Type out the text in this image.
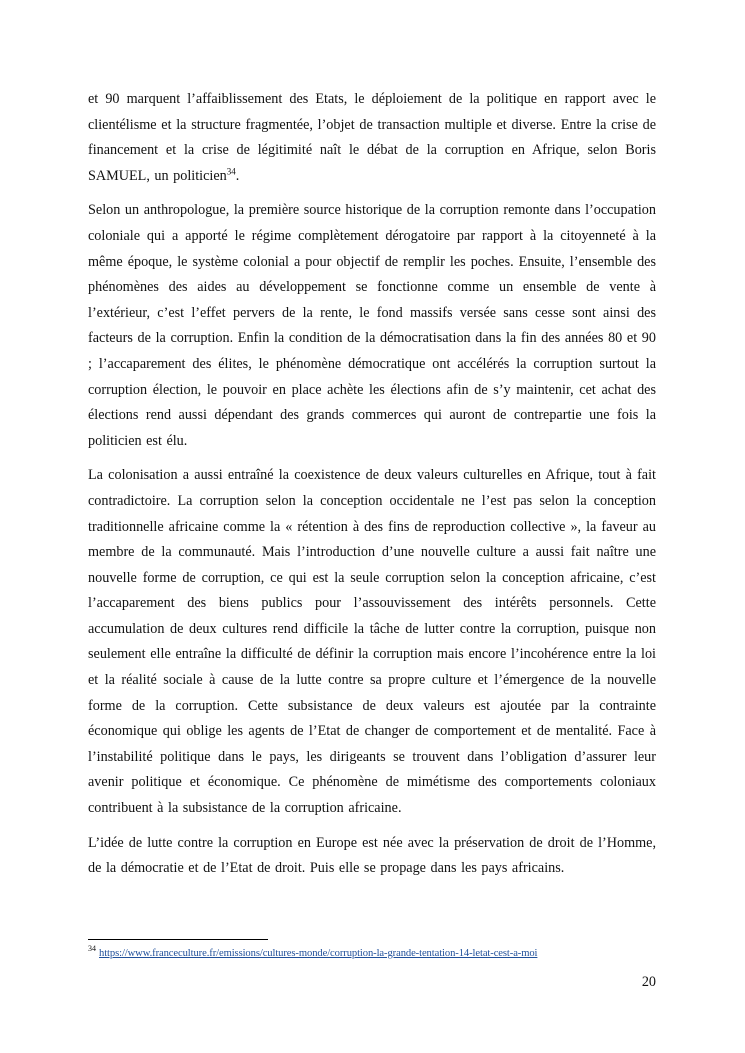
et 90 marquent l’affaiblissement des Etats, le déploiement de la politique en rapport avec le clientélisme et la structure fragmentée, l’objet de transaction multiple et diverse. Entre la crise de financement et la crise de légitimité naît le débat de la corruption en Afrique, selon Boris SAMUEL, un politicien$^{34}$.

Selon un anthropologue, la première source historique de la corruption remonte dans l’occupation coloniale qui a apporté le régime complètement dérogatoire par rapport à la citoyenneté à la même époque, le système colonial a pour objectif de remplir les poches. Ensuite, l’ensemble des phénomènes des aides au développement se fonctionne comme un ensemble de vente à l’extérieur, c’est l’effet pervers de la rente, le fond massifs versée sans cesse sont ainsi des facteurs de la corruption. Enfin la condition de la démocratisation dans la fin des années 80 et 90 ; l’accaparement des élites, le phénomène démocratique ont accélérés la corruption surtout la corruption élection, le pouvoir en place achète les élections afin de s’y maintenir, cet achat des élections rend aussi dépendant des grands commerces qui auront de contrepartie une fois la politicien est élu.

La colonisation a aussi entraîné la coexistence de deux valeurs culturelles en Afrique, tout à fait contradictoire. La corruption selon la conception occidentale ne l’est pas selon la conception traditionnelle africaine comme la « rétention à des fins de reproduction collective », la faveur au membre de la communauté. Mais l’introduction d’une nouvelle culture a aussi fait naître une nouvelle forme de corruption, ce qui est la seule corruption selon la conception africaine, c’est l’accaparement des biens publics pour l’assouvissement des intérêts personnels. Cette accumulation de deux cultures rend difficile la tâche de lutter contre la corruption, puisque non seulement elle entraîne la difficulté de définir la corruption mais encore l’incohérence entre la loi et la réalité sociale à cause de la lutte contre sa propre culture et l’émergence de la nouvelle forme de la corruption. Cette subsistance de deux valeurs est ajoutée par la contrainte économique qui oblige les agents de l’Etat de changer de comportement et de mentalité. Face à l’instabilité politique dans le pays, les dirigeants se trouvent dans l’obligation d’assurer leur avenir politique et économique. Ce phénomène de mimétisme des comportements coloniaux contribuent à la subsistance de la corruption africaine.

L’idée de lutte contre la corruption en Europe est née avec la préservation de droit de l’Homme, de la démocratie et de l’Etat de droit. Puis elle se propage dans les pays africains.

$^{34}$ https://www.franceculture.fr/emissions/cultures-monde/corruption-la-grande-tentation-14-letat-cest-a-moi
20
